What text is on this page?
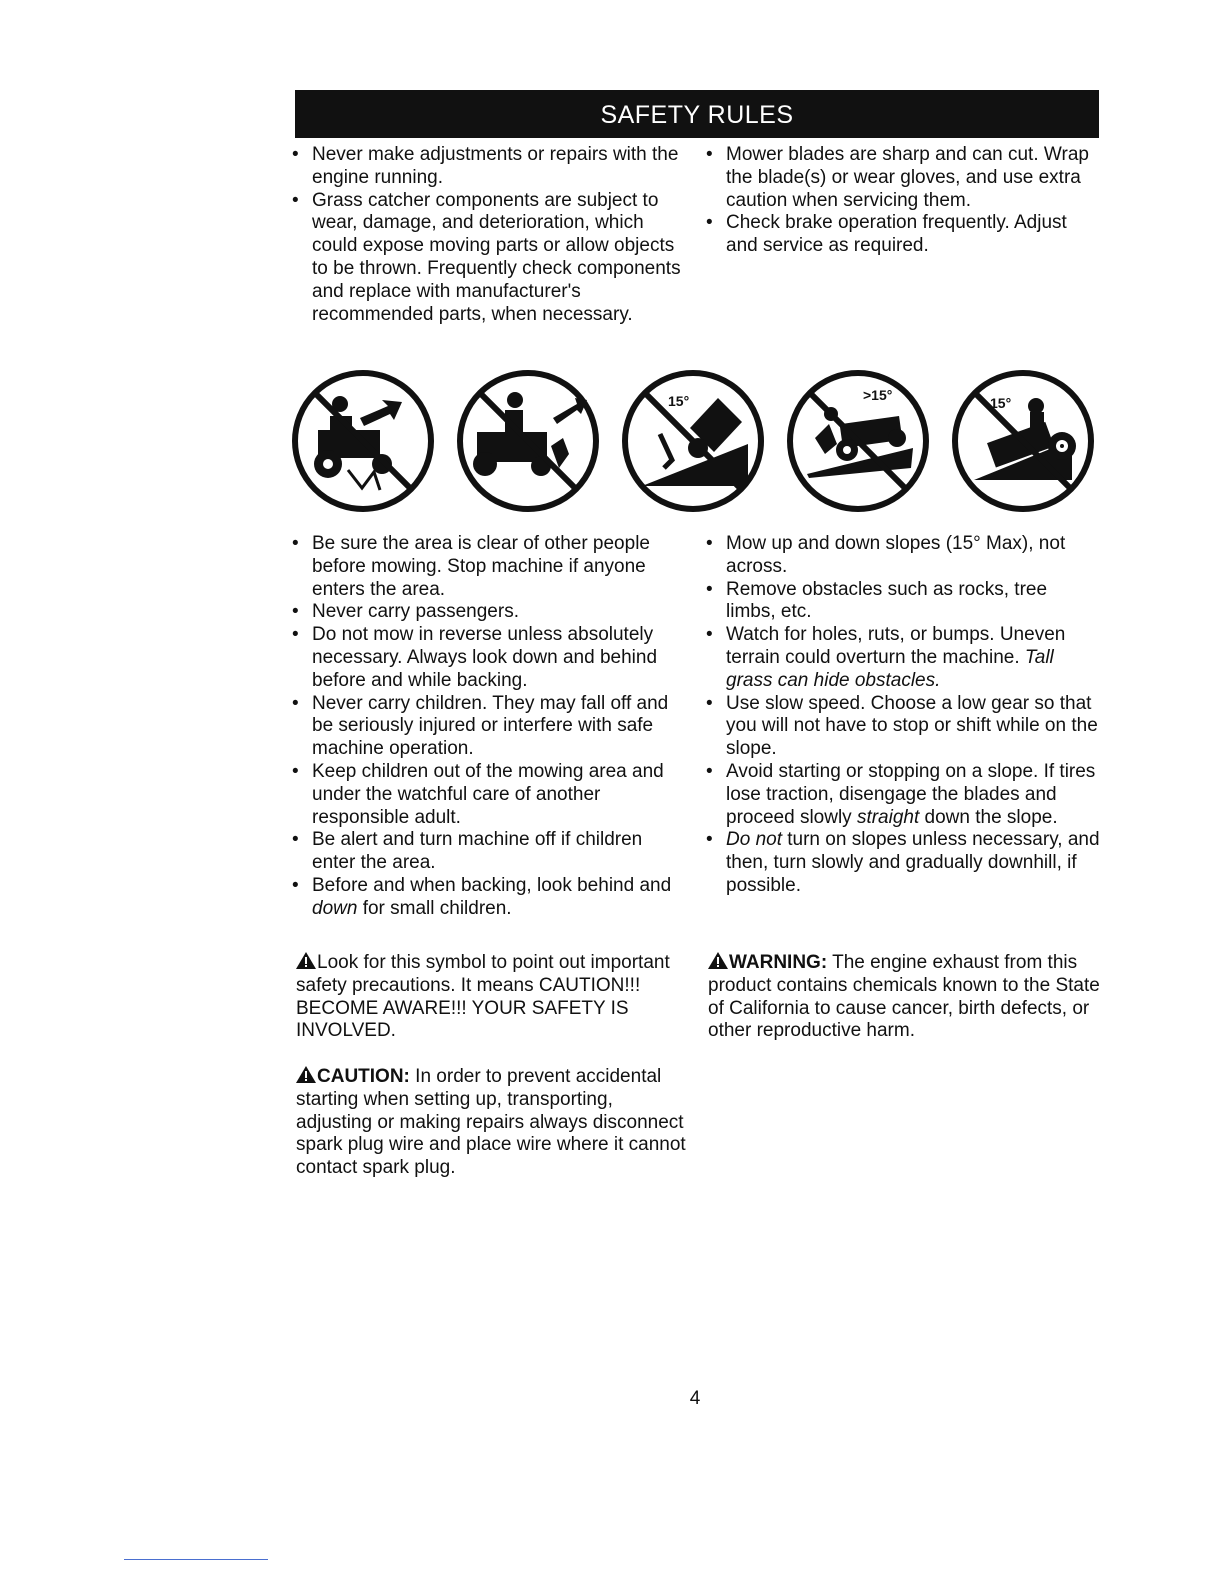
SAFETY RULES
• Never make adjustments or repairs with the engine running.
• Grass catcher components are subject to wear, damage, and deterioration, which could expose moving parts or allow objects to be thrown. Frequently check components and replace with manufacturer's recommended parts, when necessary.
• Mower blades are sharp and can cut. Wrap the blade(s) or wear gloves, and use extra caution when servicing them.
• Check brake operation frequently. Adjust and service as required.
15°	>15°	15°
• Be sure the area is clear of other people before mowing. Stop machine if anyone enters the area.
• Never carry passengers.
• Do not mow in reverse unless absolutely necessary. Always look down and behind before and while backing.
• Never carry children. They may fall off and be seriously injured or interfere with safe machine operation.
• Keep children out of the mowing area and under the watchful care of another responsible adult.
• Be alert and turn machine off if children enter the area.
• Before and when backing, look behind and down for small children.
• Mow up and down slopes (15° Max), not across.
• Remove obstacles such as rocks, tree limbs, etc.
• Watch for holes, ruts, or bumps. Uneven terrain could overturn the machine. Tall grass can hide obstacles.
• Use slow speed. Choose a low gear so that you will not have to stop or shift while on the slope.
• Avoid starting or stopping on a slope. If tires lose traction, disengage the blades and proceed slowly straight down the slope.
• Do not turn on slopes unless necessary, and then, turn slowly and gradually downhill, if possible.
Look for this symbol to point out important safety precautions. It means CAUTION!!! BECOME AWARE!!! YOUR SAFETY IS INVOLVED.
WARNING: The engine exhaust from this product contains chemicals known to the State of California to cause cancer, birth defects, or other reproductive harm.
CAUTION: In order to prevent accidental starting when setting up, transporting, adjusting or making repairs always disconnect spark plug wire and place wire where it cannot contact spark plug.
4
